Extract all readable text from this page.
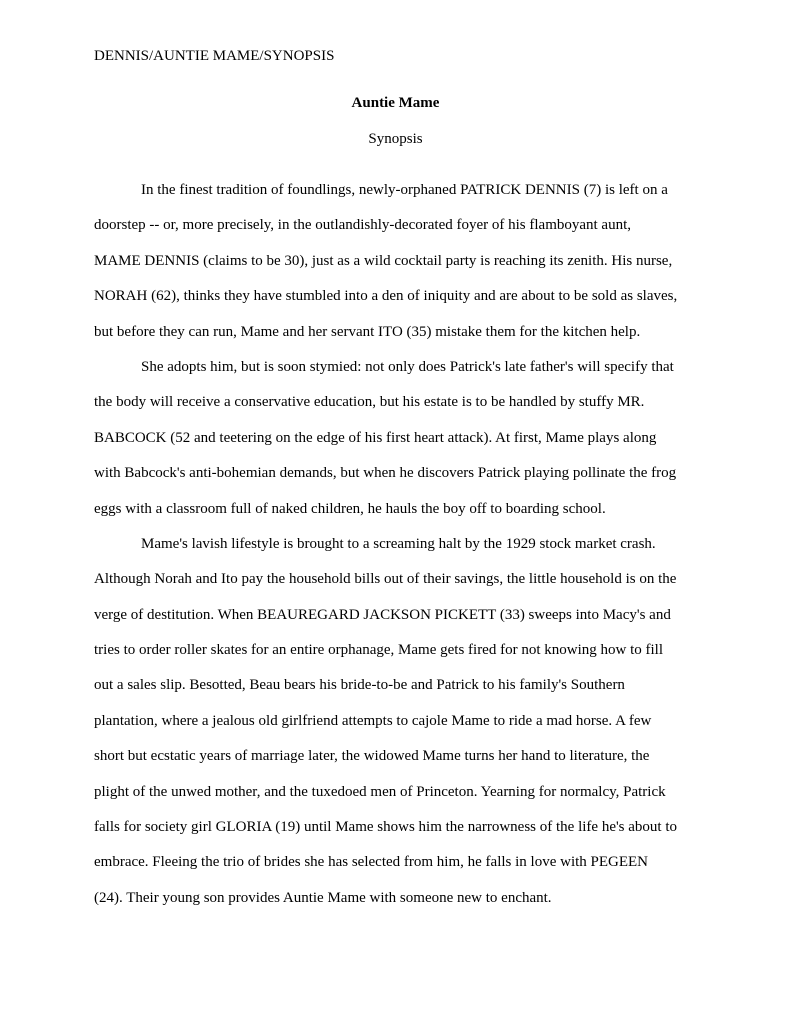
DENNIS/AUNTIE MAME/SYNOPSIS
Auntie Mame
Synopsis
In the finest tradition of foundlings, newly-orphaned PATRICK DENNIS (7) is left on a
doorstep -- or, more precisely, in the outlandishly-decorated foyer of his flamboyant aunt,
MAME DENNIS (claims to be 30), just as a wild cocktail party is reaching its zenith. His nurse,
NORAH (62), thinks they have stumbled into a den of iniquity and are about to be sold as slaves,
but before they can run, Mame and her servant ITO (35) mistake them for the kitchen help.
She adopts him, but is soon stymied: not only does Patrick's late father's will specify that
the body will receive a conservative education, but his estate is to be handled by stuffy MR.
BABCOCK (52 and teetering on the edge of his first heart attack). At first, Mame plays along
with Babcock's anti-bohemian demands, but when he discovers Patrick playing pollinate the frog
eggs with a classroom full of naked children, he hauls the boy off to boarding school.
Mame's lavish lifestyle is brought to a screaming halt by the 1929 stock market crash.
Although Norah and Ito pay the household bills out of their savings, the little household is on the
verge of destitution. When BEAUREGARD JACKSON PICKETT (33) sweeps into Macy's and
tries to order roller skates for an entire orphanage, Mame gets fired for not knowing how to fill
out a sales slip. Besotted, Beau bears his bride-to-be and Patrick to his family's Southern
plantation, where a jealous old girlfriend attempts to cajole Mame to ride a mad horse. A few
short but ecstatic years of marriage later, the widowed Mame turns her hand to literature, the
plight of the unwed mother, and the tuxedoed men of Princeton. Yearning for normalcy, Patrick
falls for society girl GLORIA (19) until Mame shows him the narrowness of the life he's about to
embrace. Fleeing the trio of brides she has selected from him, he falls in love with PEGEEN
(24). Their young son provides Auntie Mame with someone new to enchant.
